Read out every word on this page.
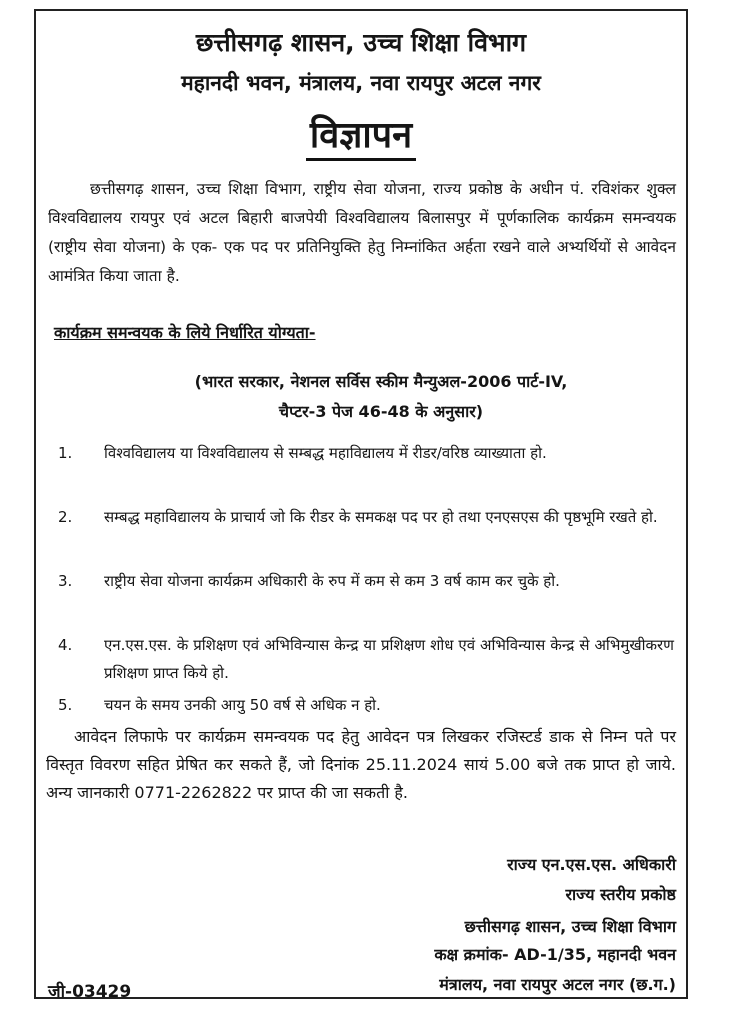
छत्तीसगढ़ शासन, उच्च शिक्षा विभाग
महानदी भवन, मंत्रालय, नवा रायपुर अटल नगर
विज्ञापन
छत्तीसगढ़ शासन, उच्च शिक्षा विभाग, राष्ट्रीय सेवा योजना, राज्य प्रकोष्ठ के अधीन पं. रविशंकर शुक्ल विश्वविद्यालय रायपुर एवं अटल बिहारी बाजपेयी विश्वविद्यालय बिलासपुर में पूर्णकालिक कार्यक्रम समन्वयक (राष्ट्रीय सेवा योजना) के एक- एक पद पर प्रतिनियुक्ति हेतु निम्नांकित अर्हता रखने वाले अभ्यर्थियों से आवेदन आमंत्रित किया जाता है.
कार्यक्रम समन्वयक के लिये निर्धारित योग्यता-
(भारत सरकार, नेशनल सर्विस स्कीम मैन्युअल-2006 पार्ट-IV,
चैप्टर-3 पेज 46-48 के अनुसार)
1. विश्वविद्यालय या विश्वविद्यालय से सम्बद्ध महाविद्यालय में रीडर/वरिष्ठ व्याख्याता हो.
2. सम्बद्ध महाविद्यालय के प्राचार्य जो कि रीडर के समकक्ष पद पर हो तथा एनएसएस की पृष्ठभूमि रखते हो.
3. राष्ट्रीय सेवा योजना कार्यक्रम अधिकारी के रुप में कम से कम 3 वर्ष काम कर चुके हो.
4. एन.एस.एस. के प्रशिक्षण एवं अभिविन्यास केन्द्र या प्रशिक्षण शोध एवं अभिविन्यास केन्द्र से अभिमुखीकरण प्रशिक्षण प्राप्त किये हो.
5. चयन के समय उनकी आयु 50 वर्ष से अधिक न हो.
आवेदन लिफाफे पर कार्यक्रम समन्वयक पद हेतु आवेदन पत्र लिखकर रजिस्टर्ड डाक से निम्न पते पर विस्तृत विवरण सहित प्रेषित कर सकते हैं, जो दिनांक 25.11.2024 सायं 5.00 बजे तक प्राप्त हो जाये. अन्य जानकारी 0771-2262822 पर प्राप्त की जा सकती है.
राज्य एन.एस.एस. अधिकारी
राज्य स्तरीय प्रकोष्ठ
छत्तीसगढ़ शासन, उच्च शिक्षा विभाग
कक्ष क्रमांक- AD-1/35, महानदी भवन
मंत्रालय, नवा रायपुर अटल नगर (छ.ग.)
जी-03429
